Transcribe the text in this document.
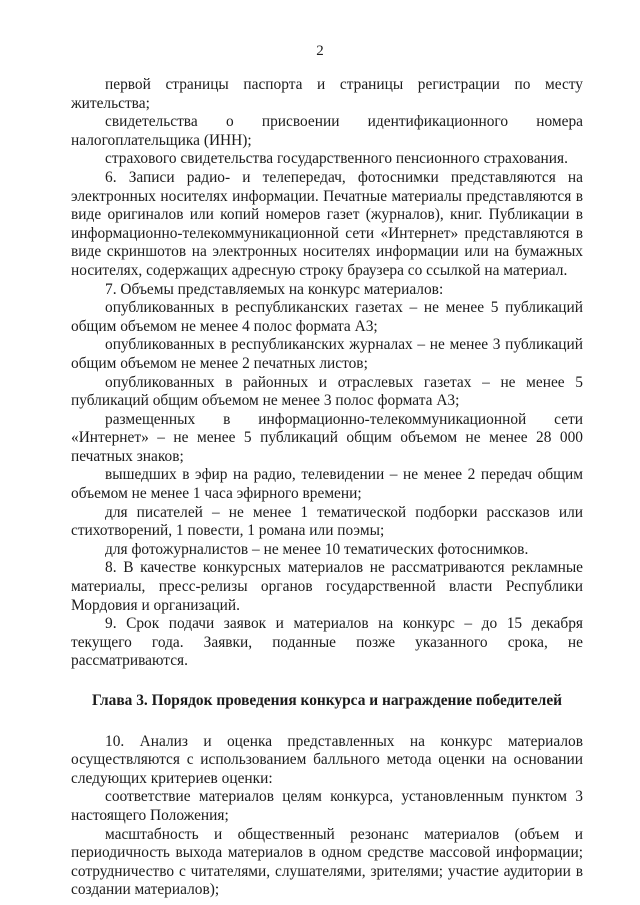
2

первой страницы паспорта и страницы регистрации по месту

жительства;

свидетельства о присвоении идентификационного номера

налогоплательщика (ИНН);

страхового свидетельства государственного пенсионного страхования.

6. Записи радио- и телепередач, фотоснимки представляются на электронных носителях информации. Печатные материалы представляются в виде оригиналов или копий номеров газет (журналов), книг. Публикации в информационно-телекоммуникационной сети «Интернет» представляются в виде скриншотов на электронных носителях информации или на бумажных носителях, содержащих адресную строку браузера со ссылкой на материал.

7. Объемы представляемых на конкурс материалов:

опубликованных в республиканских газетах – не менее 5 публикаций общим объемом не менее 4 полос формата А3;

опубликованных в республиканских журналах – не менее 3 публикаций общим объемом не менее 2 печатных листов;

опубликованных в районных и отраслевых газетах – не менее 5 публикаций общим объемом не менее 3 полос формата А3;

размещенных в информационно-телекоммуникационной сети

«Интернет» – не менее 5 публикаций общим объемом не менее 28 000

печатных знаков;

вышедших в эфир на радио, телевидении – не менее 2 передач общим объемом не менее 1 часа эфирного времени;

для писателей – не менее 1 тематической подборки рассказов или стихотворений, 1 повести, 1 романа или поэмы;

для фотожурналистов – не менее 10 тематических фотоснимков.

8. В качестве конкурсных материалов не рассматриваются рекламные материалы, пресс-релизы органов государственной власти Республики Мордовия и организаций.

9. Срок подачи заявок и материалов на конкурс – до 15 декабря

текущего года. Заявки, поданные позже указанного срока, не

рассматриваются.

Глава 3. Порядок проведения конкурса и награждение победителей

10. Анализ и оценка представленных на конкурс материалов осуществляются с использованием балльного метода оценки на основании следующих критериев оценки:

соответствие материалов целям конкурса, установленным пунктом 3 настоящего Положения;

масштабность и общественный резонанс материалов (объем и периодичность выхода материалов в одном средстве массовой информации; сотрудничество с читателями, слушателями, зрителями; участие аудитории в создании материалов);
